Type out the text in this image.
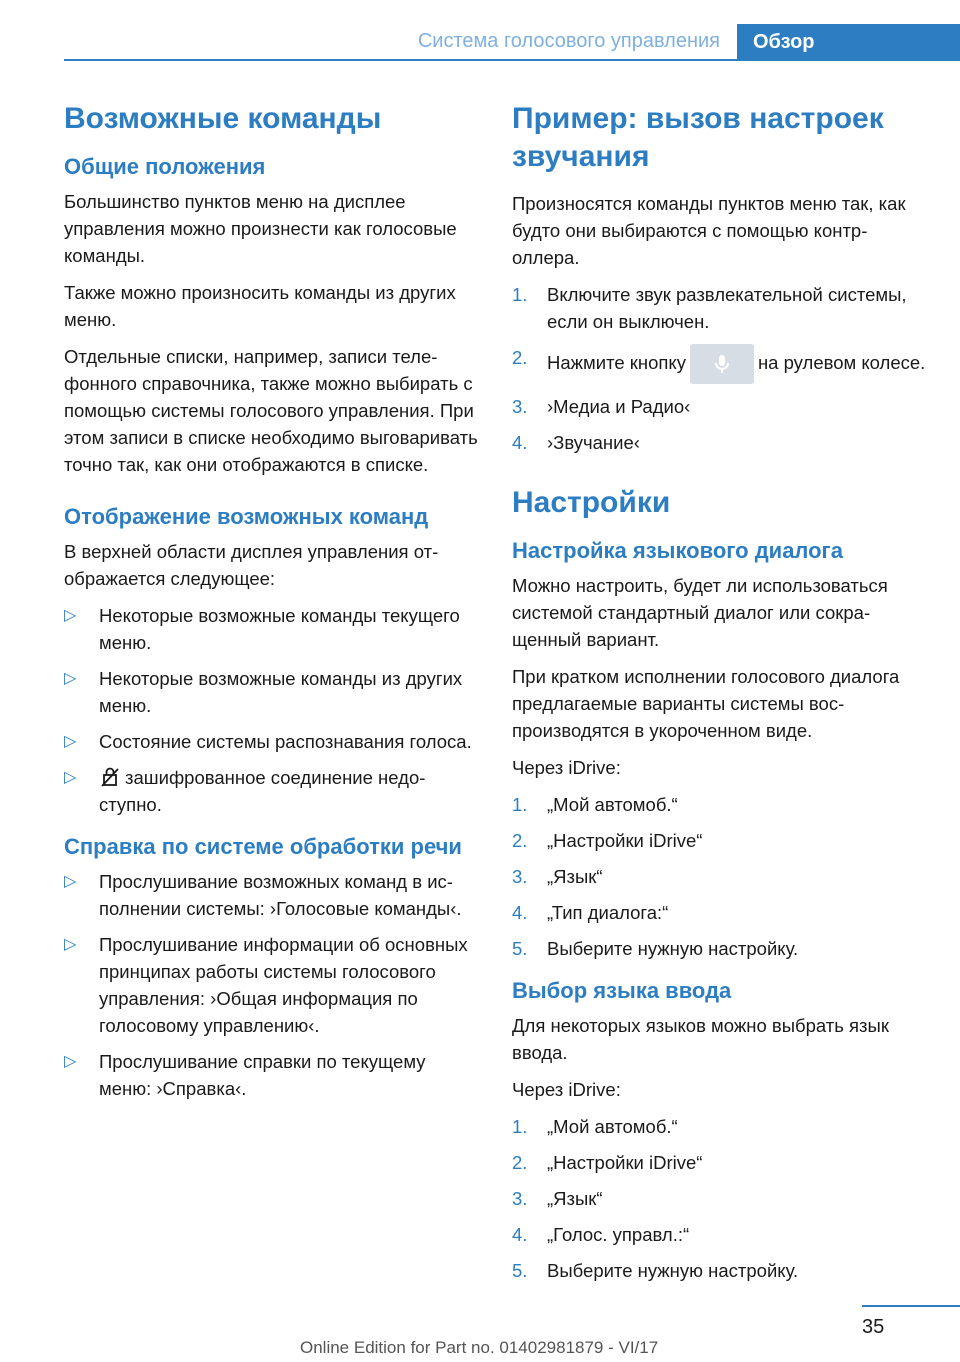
Система голосового управления	Обзор
Возможные команды
Общие положения

Большинство пунктов меню на дисплее управления можно произнести как голосовые команды.

Также можно произносить команды из других меню.

Отдельные списки, например, записи телефонного справочника, также можно выбирать с помощью системы голосового управления. При этом записи в списке необходимо выговаривать точно так, как они отображаются в списке.

Отображение возможных команд

В верхней области дисплея управления отображается следующее:

▷ Некоторые возможные команды текущего меню.
▷ Некоторые возможные команды из других меню.
▷ Состояние системы распознавания голоса.
▷	зашифрованное соединение недоступно.
Справка по системе обработки речи
▷ Прослушивание возможных команд в исполнении системы: ›Голосовые команды‹.
▷ Прослушивание информации об основных принципах работы системы голосового управления: ›Общая информация по голосовому управлению‹.
▷ Прослушивание справки по текущему меню: ›Справка‹.
Пример: вызов настроек звучания

Произносятся команды пунктов меню так, как будто они выбираются с помощью контроллера.

1. Включите звук развлекательной системы, если он выключен.
2. Нажмите кнопку	на рулевом колесе.
3. ›Медиа и Радио‹
4. ›Звучание‹
Настройки
Настройка языкового диалога

Можно настроить, будет ли использоваться системой стандартный диалог или сокращенный вариант.

При кратком исполнении голосового диалога предлагаемые варианты системы воспроизводятся в укороченном виде.

Через iDrive:

1. „Мой автомоб.“
2. „Настройки iDrive“
3. „Язык“
4. „Тип диалога:“
5. Выберите нужную настройку.
Выбор языка ввода

Для некоторых языков можно выбрать язык ввода.

Через iDrive:

1. „Мой автомоб.“
2. „Настройки iDrive“
3. „Язык“
4. „Голос. управл.:“
5. Выберите нужную настройку.
35
Online Edition for Part no. 01402981879 - VI/17
